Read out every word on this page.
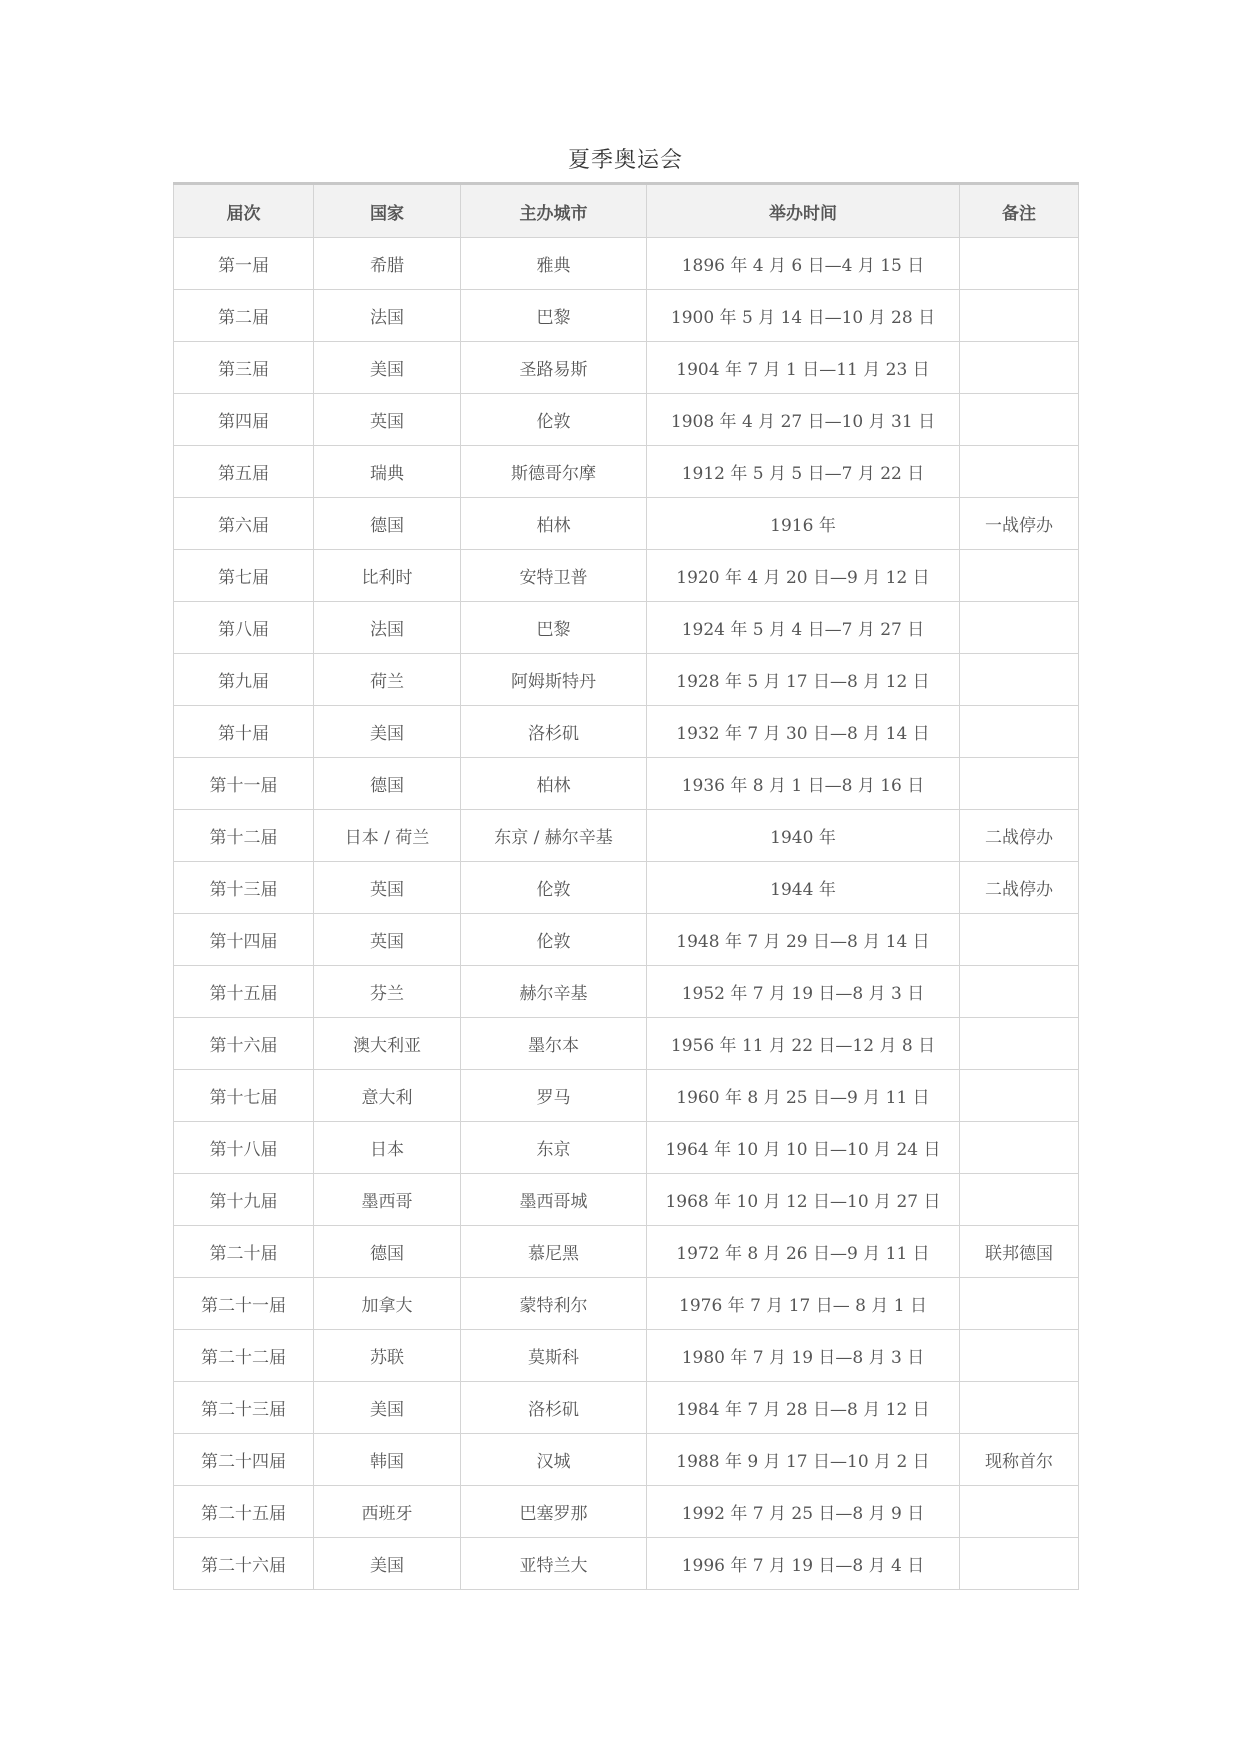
夏季奥运会
届次	国家	主办城市	举办时间	备注
第一届	希腊	雅典	1896 年 4 月 6 日—4 月 15 日	
第二届	法国	巴黎	1900 年 5 月 14 日—10 月 28 日	
第三届	美国	圣路易斯	1904 年 7 月 1 日—11 月 23 日	
第四届	英国	伦敦	1908 年 4 月 27 日—10 月 31 日	
第五届	瑞典	斯德哥尔摩	1912 年 5 月 5 日—7 月 22 日	
第六届	德国	柏林	1916 年	一战停办
第七届	比利时	安特卫普	1920 年 4 月 20 日—9 月 12 日	
第八届	法国	巴黎	1924 年 5 月 4 日—7 月 27 日	
第九届	荷兰	阿姆斯特丹	1928 年 5 月 17 日—8 月 12 日	
第十届	美国	洛杉矶	1932 年 7 月 30 日—8 月 14 日	
第十一届	德国	柏林	1936 年 8 月 1 日—8 月 16 日	
第十二届	日本 / 荷兰	东京 / 赫尔辛基	1940 年	二战停办
第十三届	英国	伦敦	1944 年	二战停办
第十四届	英国	伦敦	1948 年 7 月 29 日—8 月 14 日	
第十五届	芬兰	赫尔辛基	1952 年 7 月 19 日—8 月 3 日	
第十六届	澳大利亚	墨尔本	1956 年 11 月 22 日—12 月 8 日	
第十七届	意大利	罗马	1960 年 8 月 25 日—9 月 11 日	
第十八届	日本	东京	1964 年 10 月 10 日—10 月 24 日	
第十九届	墨西哥	墨西哥城	1968 年 10 月 12 日—10 月 27 日	
第二十届	德国	慕尼黑	1972 年 8 月 26 日—9 月 11 日	联邦德国
第二十一届	加拿大	蒙特利尔	1976 年 7 月 17 日— 8 月 1 日	
第二十二届	苏联	莫斯科	1980 年 7 月 19 日—8 月 3 日	
第二十三届	美国	洛杉矶	1984 年 7 月 28 日—8 月 12 日	
第二十四届	韩国	汉城	1988 年 9 月 17 日—10 月 2 日	现称首尔
第二十五届	西班牙	巴塞罗那	1992 年 7 月 25 日—8 月 9 日	
第二十六届	美国	亚特兰大	1996 年 7 月 19 日—8 月 4 日	
